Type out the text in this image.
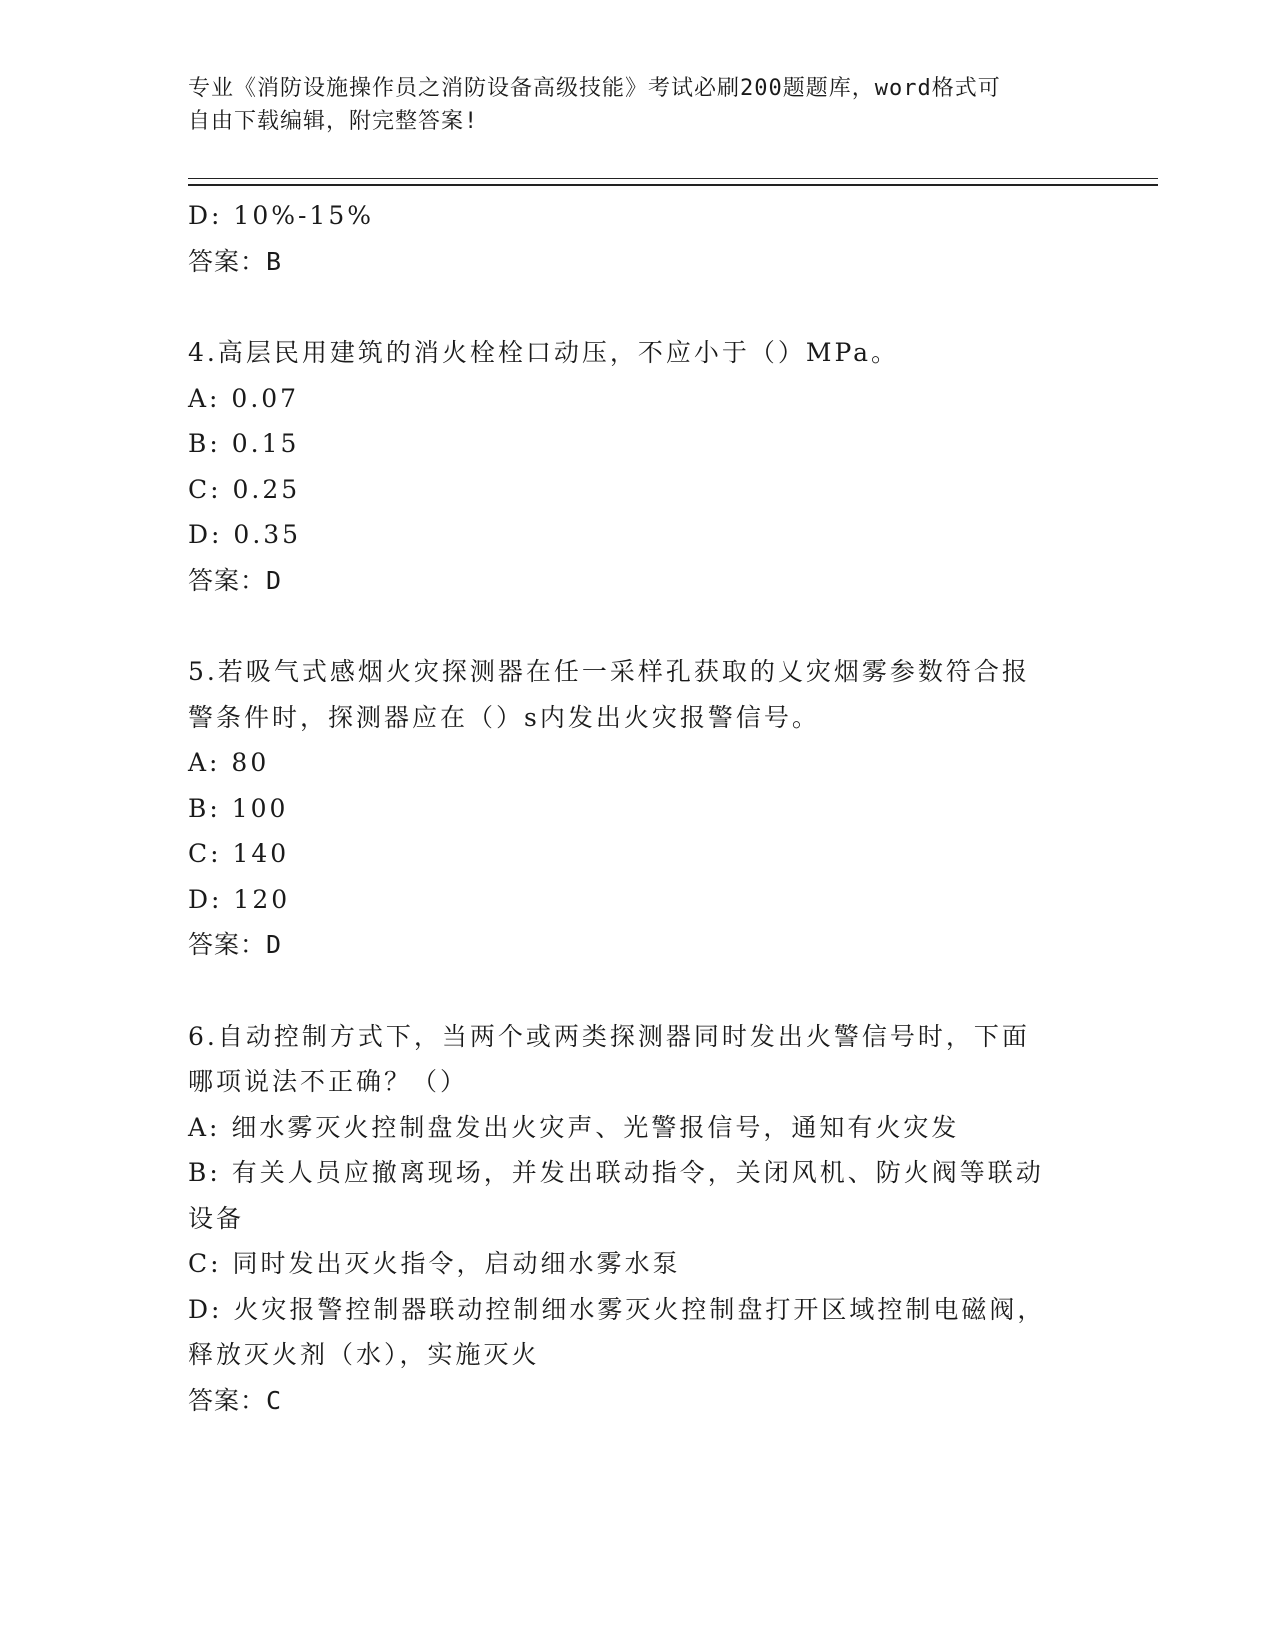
专业《消防设施操作员之消防设备高级技能》考试必刷200题题库，word格式可
自由下载编辑，附完整答案!
D: 10%-15%
答案：B
4.高层民用建筑的消火栓栓口动压，不应小于（）MPa。
A: 0.07
B: 0.15
C: 0.25
D: 0.35
答案：D
5.若吸气式感烟火灾探测器在任一采样孔获取的乂灾烟雾参数符合报
警条件时，探测器应在（）s内发出火灾报警信号。
A: 80
B: 100
C: 140
D: 120
答案：D
6.自动控制方式下，当两个或两类探测器同时发出火警信号时，下面
哪项说法不正确？（）
A: 细水雾灭火控制盘发出火灾声、光警报信号，通知有火灾发
B: 有关人员应撤离现场，并发出联动指令，关闭风机、防火阀等联动
设备
C: 同时发出灭火指令，启动细水雾水泵
D: 火灾报警控制器联动控制细水雾灭火控制盘打开区域控制电磁阀，
释放灭火剂（水），实施灭火
答案：C
